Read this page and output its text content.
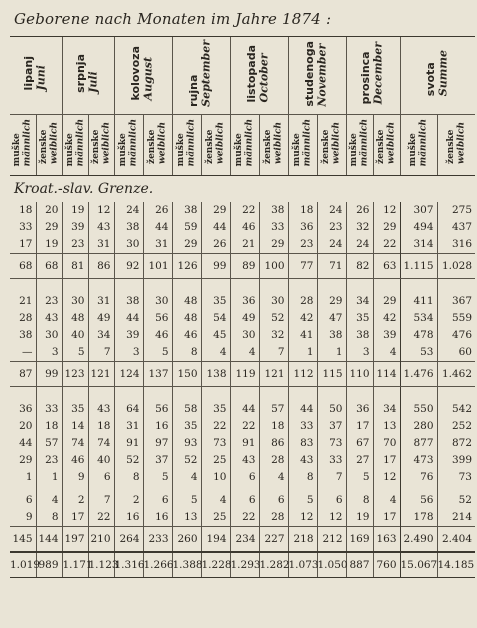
Geborene nach Monaten im Jahre 1874 :
lipanj Juni		srpnja Juli		kolovoza August		rujna September		listopada October		studenoga November		prosinca December		svota Summe	

muške männlich	ženske weiblich	muške männlich	ženske weiblich	muške männlich	ženske weiblich	muške männlich	ženske weiblich	muške männlich	ženske weiblich	muške männlich	ženske weiblich	muške männlich	ženske weiblich	muške männlich	ženske weiblich

Kroat.-slav. Grenze.															
18	20	19	12	24	26	38	29	22	38	18	24	26	12	307	275
33	29	39	43	38	44	59	44	46	33	36	23	32	29	494	437
17	19	23	31	30	31	29	26	21	29	23	24	24	22	314	316
68	68	81	86	92	101	126	99	89	100	77	71	82	63	1.115	1.028

21	23	30	31	38	30	48	35	36	30	28	29	34	29	411	367
28	43	48	49	44	56	48	54	49	52	42	47	35	42	534	559
38	30	40	34	39	46	46	45	30	32	41	38	38	39	478	476
—	3	5	7	3	5	8	4	4	7	1	1	3	4	53	60
87	99	123	121	124	137	150	138	119	121	112	115	110	114	1.476	1.462

36	33	35	43	64	56	58	35	44	57	44	50	36	34	550	542
20	18	14	18	31	16	35	22	22	18	33	37	17	13	280	252
44	57	74	74	91	97	93	73	91	86	83	73	67	70	877	872
29	23	46	40	52	37	52	25	43	28	43	33	27	17	473	399
1	1	9	6	8	5	4	10	6	4	8	7	5	12	76	73

6	4	2	7	2	6	5	4	6	6	5	6	8	4	56	52
9	8	17	22	16	16	13	25	22	28	12	12	19	17	178	214
145	144	197	210	264	233	260	194	234	227	218	212	169	163	2.490	2.404
1.019	989	1.171	1.123	1.316	1.266	1.388	1.228	1.293	1.282	1.073	1.050	887	760	15.067	14.185
